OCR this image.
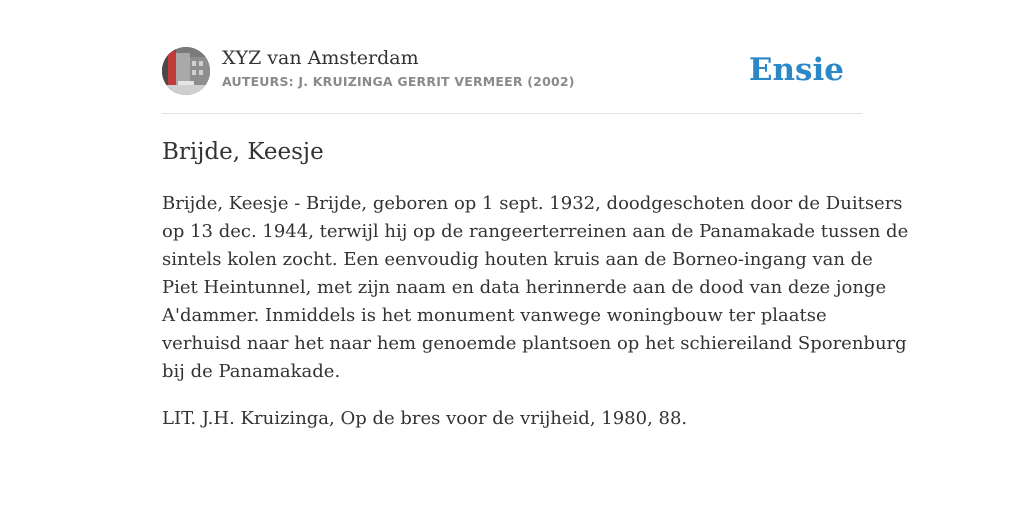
XYZ van Amsterdam
AUTEURS: J. KRUIZINGA GERRIT VERMEER (2002)	Ensie
Brijde, Keesje

Brijde, Keesje - Brijde, geboren op 1 sept. 1932, doodgeschoten door de Duitsers
op 13 dec. 1944, terwijl hij op de rangeerterreinen aan de Panamakade tussen de
sintels kolen zocht. Een eenvoudig houten kruis aan de Borneo-ingang van de
Piet Heintunnel, met zijn naam en data herinnerde aan de dood van deze jonge
A'dammer. Inmiddels is het monument vanwege woningbouw ter plaatse
verhuisd naar het naar hem genoemde plantsoen op het schiereiland Sporenburg
bij de Panamakade.

LIT. J.H. Kruizinga, Op de bres voor de vrijheid, 1980, 88.
